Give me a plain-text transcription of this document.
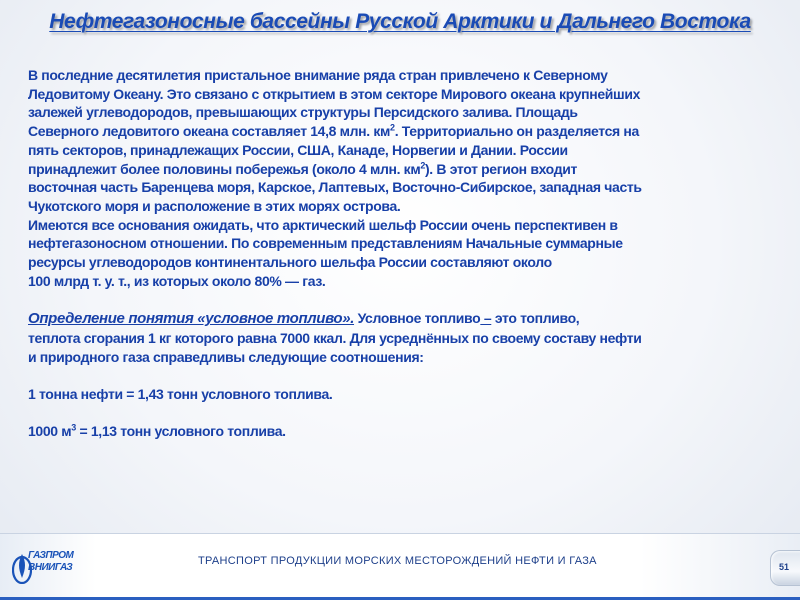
Нефтегазоносные бассейны Русской Арктики и Дальнего Востока

В последние десятилетия пристальное внимание ряда стран привлечено к Северному

Ледовитому Океану. Это связано с открытием в этом секторе Мирового океана крупнейших

залежей углеводородов, превышающих структуры Персидского залива. Площадь

Северного ледовитого океана составляет 14,8 млн. $км^2$. Территориально он разделяется на

пять секторов, принадлежащих России, США, Канаде, Норвегии и Дании. России

принадлежит более половины побережья (около 4 млн. $км^2$). В этот регион входит

восточная часть Баренцева моря, Карское, Лаптевых, Восточно-Сибирское, западная часть

Чукотского моря и расположение в этих морях острова.

Имеются все основания ожидать, что арктический шельф России очень перспективен в

нефтегазоносном отношении. По современным представлениям Начальные суммарные

ресурсы углеводородов континентального шельфа России составляют около

100 млрд т. у. т., из которых около 80% — газ.

Определение понятия «условное топливо». Условное топливо – это топливо,

теплота сгорания 1 кг которого равна 7000 ккал. Для усреднённых по своему составу нефти

и природного газа справедливы следующие соотношения:

1 тонна нефти = 1,43 тонн условного топлива.

1000 $м^3 = 1,13$ тонн условного топлива.

ГАЗПРОМ
ВНИИГАЗ
ТРАНСПОРТ ПРОДУКЦИИ МОРСКИХ МЕСТОРОЖДЕНИЙ НЕФТИ И ГАЗА	51
